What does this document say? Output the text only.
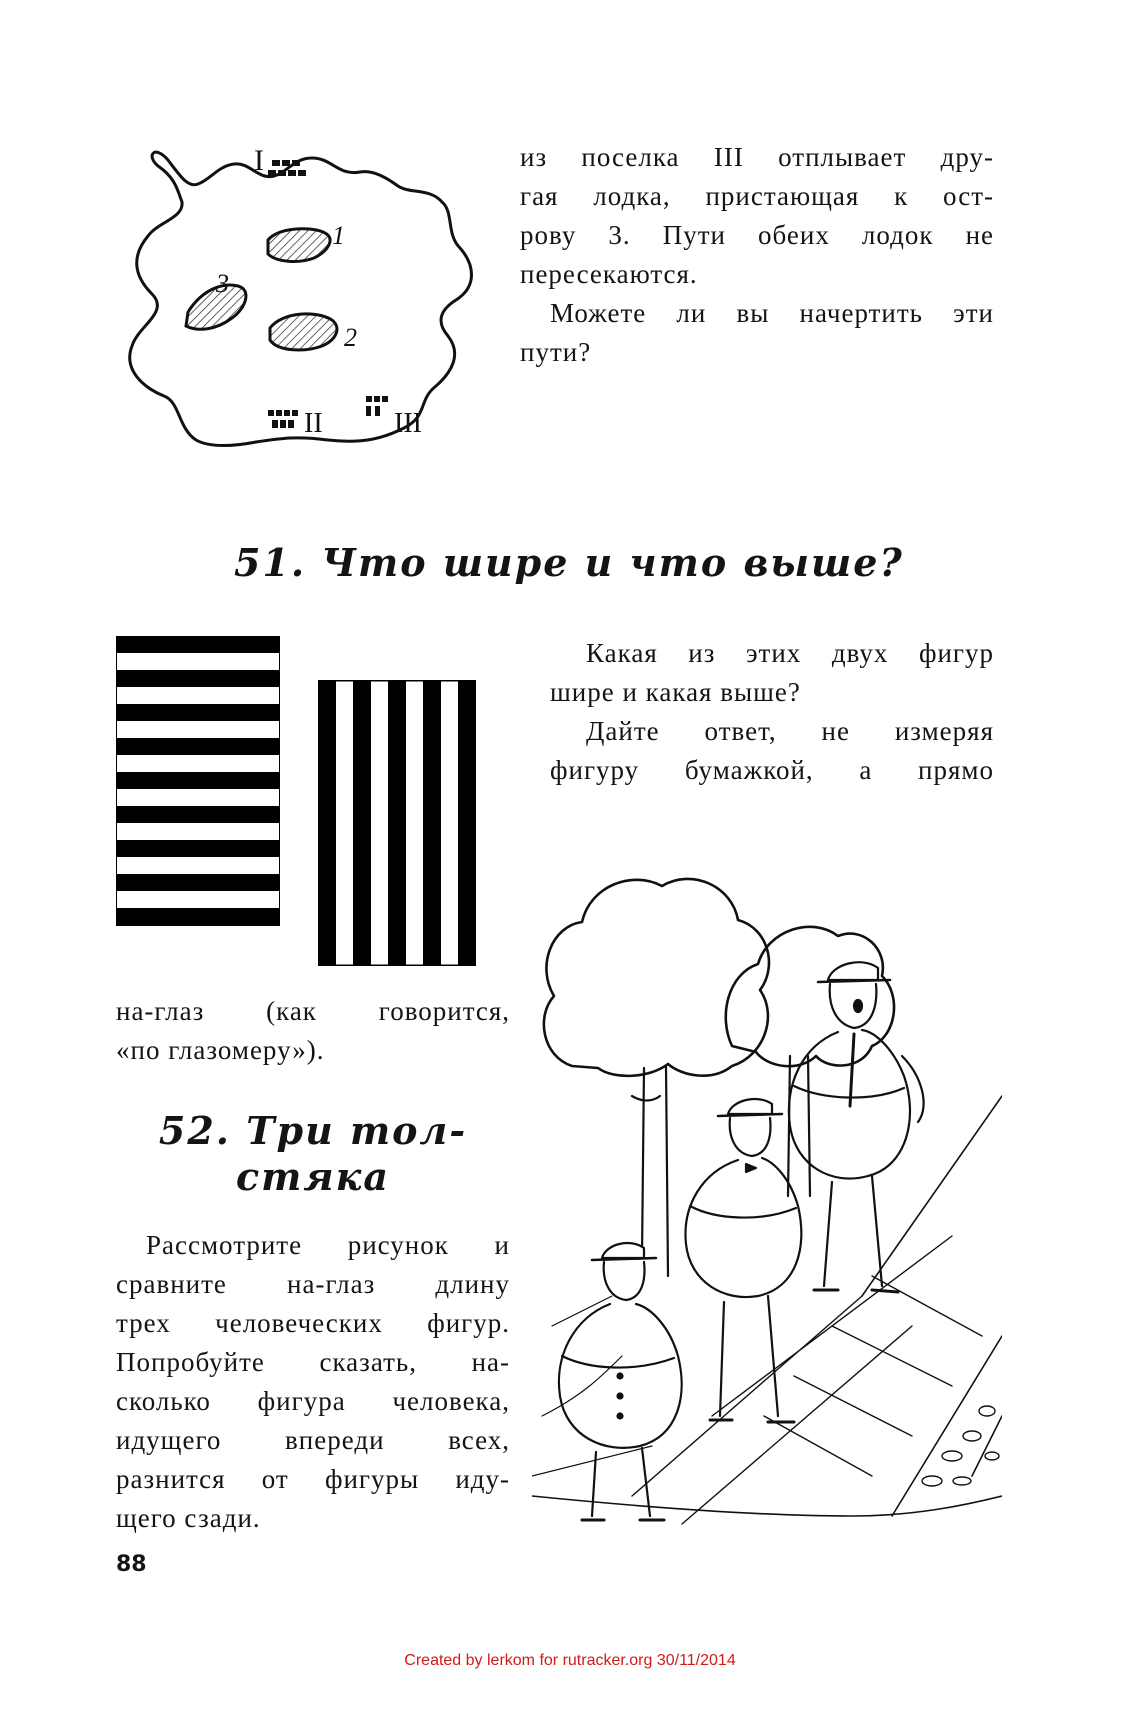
I
II	III
1
2
3

из поселка III отплывает дру-

гая лодка, пристающая к ост-

рову 3. Пути обеих лодок не

пересекаются.

Можете ли вы начертить эти

пути?

51. Что шире и что выше?

Какая из этих двух фигур

шире и какая выше?

Дайте ответ, не измеряя

фигуру бумажкой, а прямо

на-глаз (как говорится,

«по глазомеру»).

52. Три тол-
стяка

Рассмотрите рисунок и

сравните на-глаз длину

трех человеческих фигур.

Попробуйте сказать, на-

сколько фигура человека,

идущего впереди всех,

разнится от фигуры иду-

щего сзади.

88
Created by lerkom for rutracker.org 30/11/2014
